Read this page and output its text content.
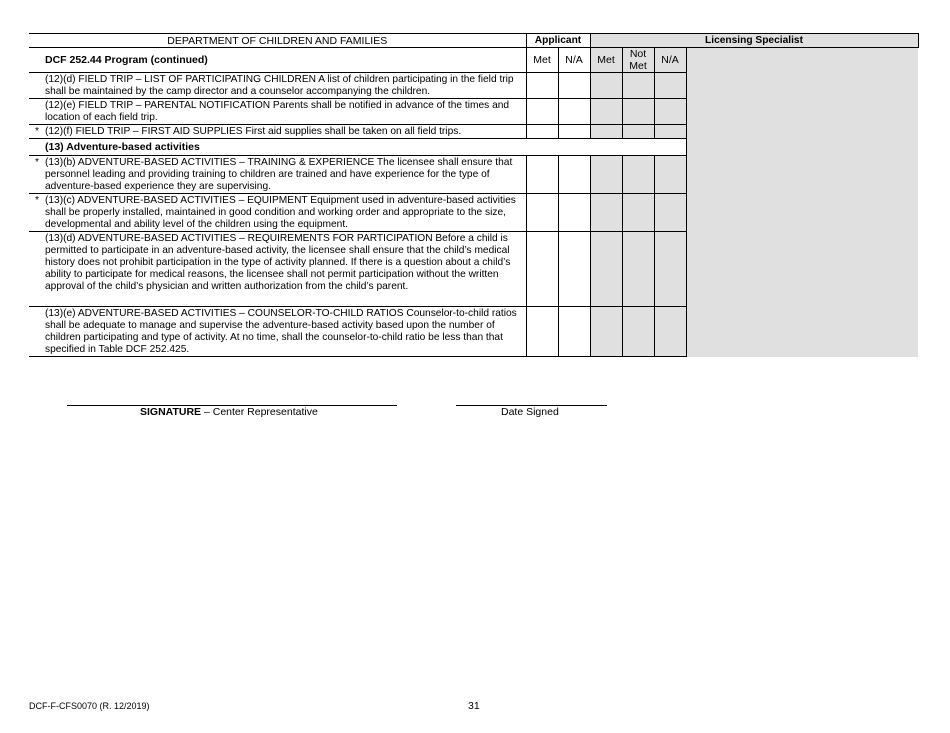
DEPARTMENT OF CHILDREN AND FAMILIES	Applicant		Licensing Specialist			
DCF 252.44 Program (continued)	Met	N/A	Met	Not Met	N/A	

(12)(d) FIELD TRIP – LIST OF PARTICIPATING CHILDREN A list of children participating in the field trip shall be maintained by the camp director and a counselor accompanying the children.						

(12)(e) FIELD TRIP – PARENTAL NOTIFICATION Parents shall be notified in advance of the times and location of each field trip.						

* (12)(f) FIELD TRIP – FIRST AID SUPPLIES First aid supplies shall be taken on all field trips.						
(13) Adventure-based activities						

* (13)(b) ADVENTURE-BASED ACTIVITIES – TRAINING & EXPERIENCE The licensee shall ensure that personnel leading and providing training to children are trained and have experience for the type of adventure-based experience they are supervising.						

* (13)(c) ADVENTURE-BASED ACTIVITIES – EQUIPMENT Equipment used in adventure-based activities shall be properly installed, maintained in good condition and working order and appropriate to the size, developmental and ability level of the children using the equipment.						

(13)(d) ADVENTURE-BASED ACTIVITIES – REQUIREMENTS FOR PARTICIPATION Before a child is permitted to participate in an adventure-based activity, the licensee shall ensure that the child’s medical history does not prohibit participation in the type of activity planned. If there is a question about a child’s ability to participate for medical reasons, the licensee shall not permit participation without the written approval of the child’s physician and written authorization from the child’s parent.						

(13)(e) ADVENTURE-BASED ACTIVITIES – COUNSELOR-TO-CHILD RATIOS Counselor-to-child ratios shall be adequate to manage and supervise the adventure-based activity based upon the number of children participating and type of activity. At no time, shall the counselor-to-child ratio be less than that specified in Table DCF 252.425.						
SIGNATURE – Center Representative	Date Signed
DCF-F-CFS0070 (R. 12/2019)	31
